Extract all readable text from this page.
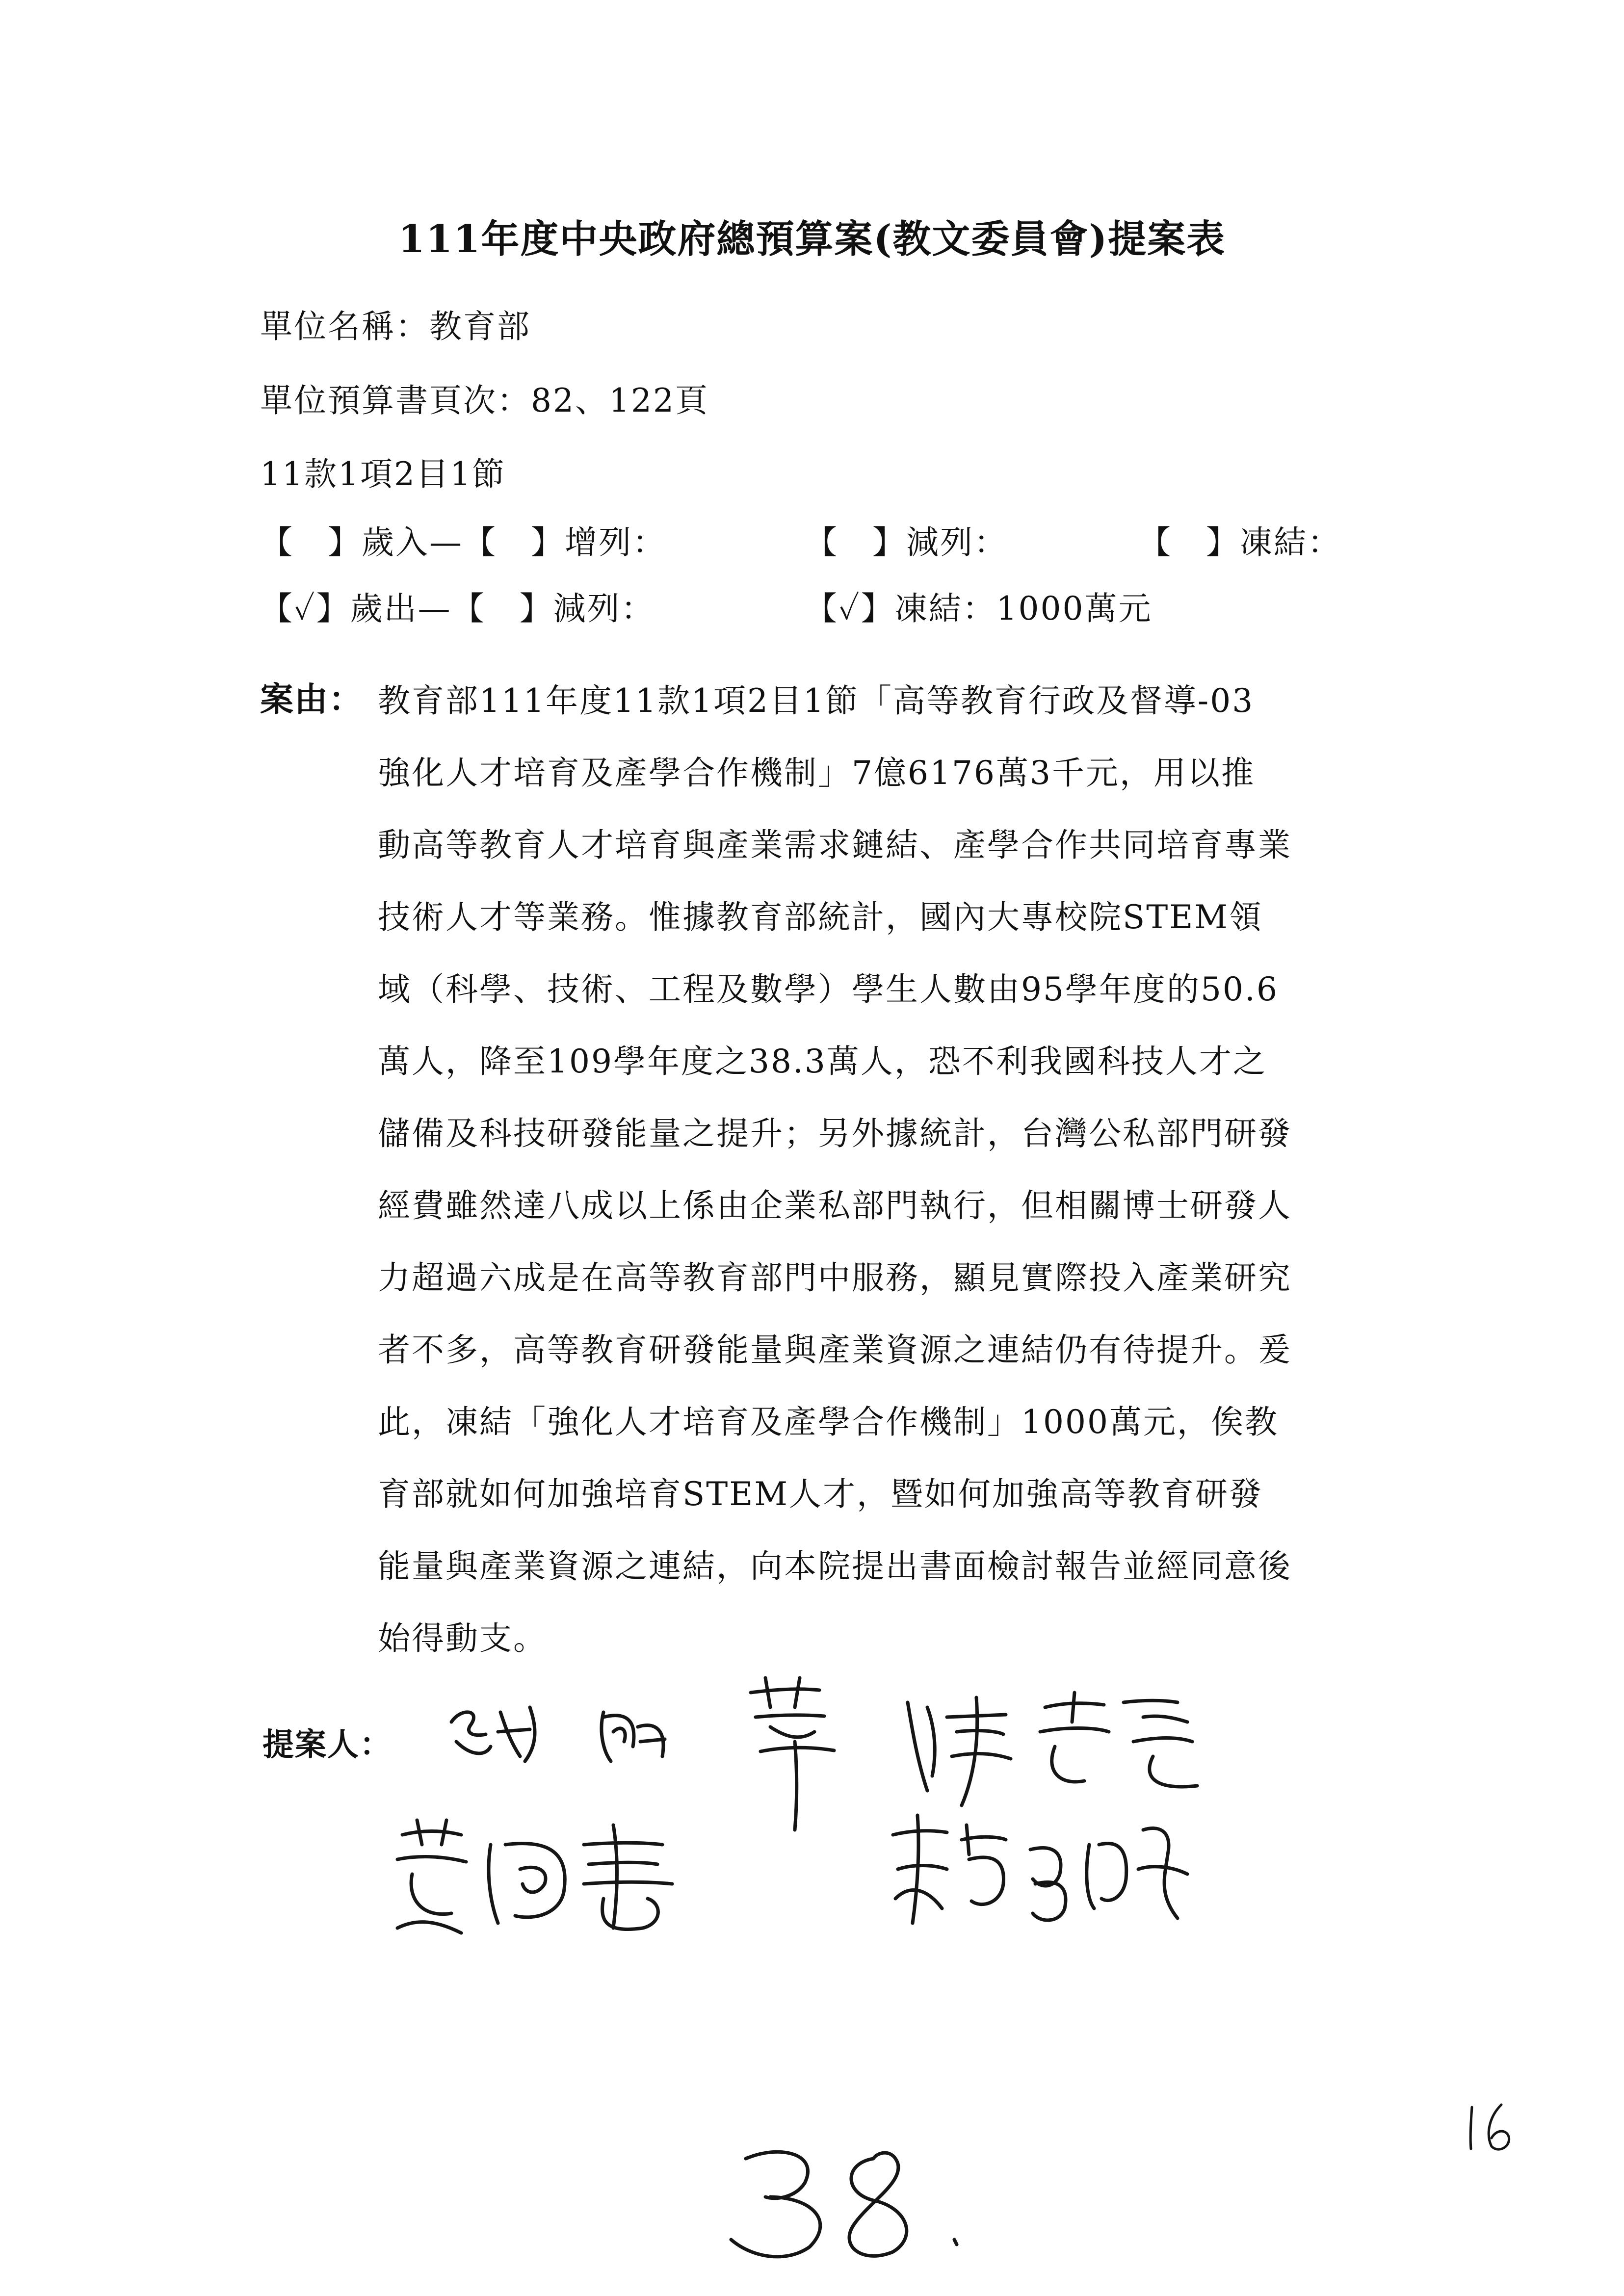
111年度中央政府總預算案(教文委員會)提案表
單位名稱：教育部
單位預算書頁次：82、122頁
11款1項2目1節
【　】歲入—【　】增列：	【　】減列：	【　】凍結：
【✓】歲出—【　】減列：	【✓】凍結：1000萬元
案由： 教育部111年度11款1項2目1節「高等教育行政及督導-03
強化人才培育及產學合作機制」7億6176萬3千元，用以推
動高等教育人才培育與產業需求鏈結、產學合作共同培育專業
技術人才等業務。惟據教育部統計，國內大專校院STEM領
域（科學、技術、工程及數學）學生人數由95學年度的50.6
萬人，降至109學年度之38.3萬人，恐不利我國科技人才之
儲備及科技研發能量之提升；另外據統計，台灣公私部門研發
經費雖然達八成以上係由企業私部門執行，但相關博士研發人
力超過六成是在高等教育部門中服務，顯見實際投入產業研究
者不多，高等教育研發能量與產業資源之連結仍有待提升。爰
此，凍結「強化人才培育及產學合作機制」1000萬元，俟教
育部就如何加強培育STEM人才，暨如何加強高等教育研發
能量與產業資源之連結，向本院提出書面檢討報告並經同意後
始得動支。
提案人：
